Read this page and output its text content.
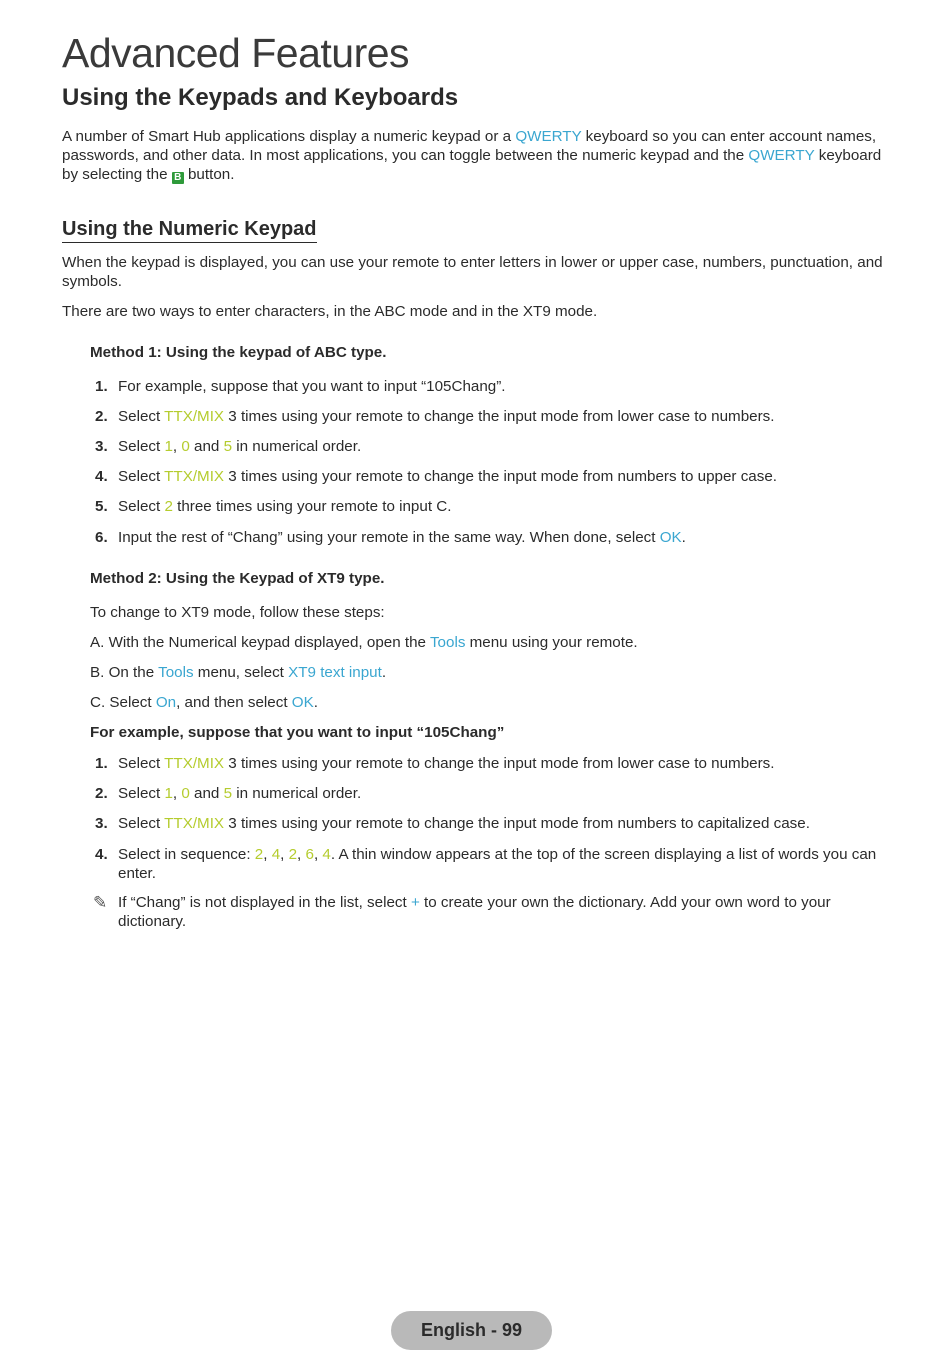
Advanced Features
Using the Keypads and Keyboards

A number of Smart Hub applications display a numeric keypad or a QWERTY keyboard so you can enter account names, passwords, and other data. In most applications, you can toggle between the numeric keypad and the QWERTY keyboard by selecting the B button.

Using the Numeric Keypad

When the keypad is displayed, you can use your remote to enter letters in lower or upper case, numbers, punctuation, and symbols.

There are two ways to enter characters, in the ABC mode and in the XT9 mode.

Method 1: Using the keypad of ABC type.

1. For example, suppose that you want to input “105Chang”.
2. Select TTX/MIX 3 times using your remote to change the input mode from lower case to numbers.
3. Select 1, 0 and 5 in numerical order.
4. Select TTX/MIX 3 times using your remote to change the input mode from numbers to upper case.
5. Select 2 three times using your remote to input C.
6. Input the rest of “Chang” using your remote in the same way. When done, select OK.

Method 2: Using the Keypad of XT9 type.

To change to XT9 mode, follow these steps:

A. With the Numerical keypad displayed, open the Tools menu using your remote.

B. On the Tools menu, select XT9 text input.

C. Select On, and then select OK.

For example, suppose that you want to input “105Chang”

1. Select TTX/MIX 3 times using your remote to change the input mode from lower case to numbers.
2. Select 1, 0 and 5 in numerical order.
3. Select TTX/MIX 3 times using your remote to change the input mode from numbers to capitalized case.
4. Select in sequence: 2, 4, 2, 6, 4. A thin window appears at the top of the screen displaying a list of words you can enter.
✎ If “Chang” is not displayed in the list, select + to create your own the dictionary. Add your own word to your dictionary.
English - 99
